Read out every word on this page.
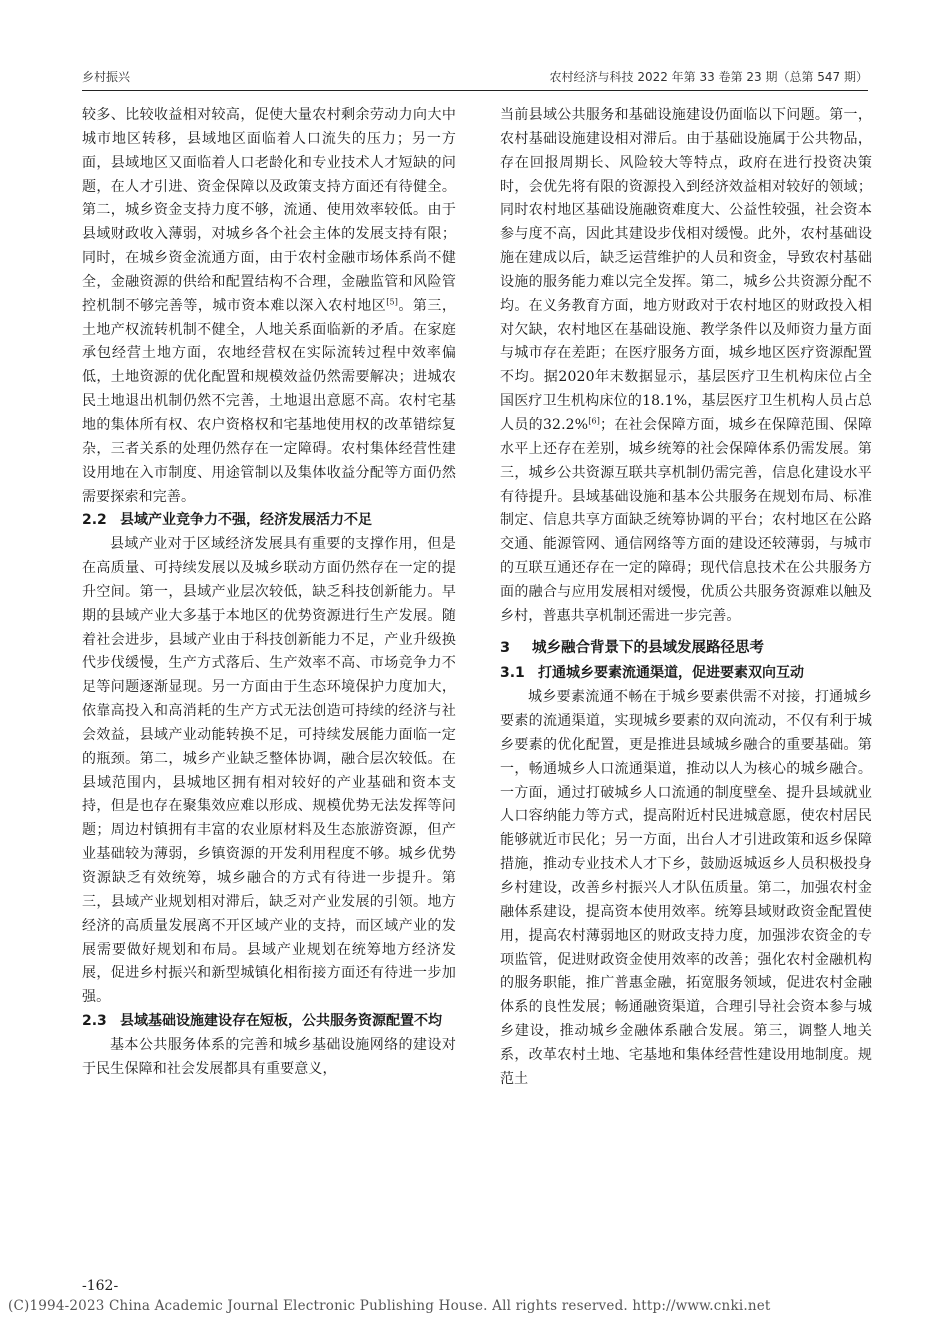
乡村振兴	农村经济与科技 2022 年第 33 卷第 23 期（总第 547 期）

较多、比较收益相对较高，促使大量农村剩余劳动力向大中城市地区转移，县域地区面临着人口流失的压力；另一方面，县域地区又面临着人口老龄化和专业技术人才短缺的问题，在人才引进、资金保障以及政策支持方面还有待健全。第二，城乡资金支持力度不够，流通、使用效率较低。由于县域财政收入薄弱，对城乡各个社会主体的发展支持有限；同时，在城乡资金流通方面，由于农村金融市场体系尚不健全，金融资源的供给和配置结构不合理，金融监管和风险管控机制不够完善等，城市资本难以深入农村地区[5]。第三，土地产权流转机制不健全，人地关系面临新的矛盾。在家庭承包经营土地方面，农地经营权在实际流转过程中效率偏低，土地资源的优化配置和规模效益仍然需要解决；进城农民土地退出机制仍然不完善，土地退出意愿不高。农村宅基地的集体所有权、农户资格权和宅基地使用权的改革错综复杂，三者关系的处理仍然存在一定障碍。农村集体经营性建设用地在入市制度、用途管制以及集体收益分配等方面仍然需要探索和完善。

2.2 县域产业竞争力不强，经济发展活力不足

县域产业对于区域经济发展具有重要的支撑作用，但是在高质量、可持续发展以及城乡联动方面仍然存在一定的提升空间。第一，县域产业层次较低，缺乏科技创新能力。早期的县域产业大多基于本地区的优势资源进行生产发展。随着社会进步，县域产业由于科技创新能力不足，产业升级换代步伐缓慢，生产方式落后、生产效率不高、市场竞争力不足等问题逐渐显现。另一方面由于生态环境保护力度加大，依靠高投入和高消耗的生产方式无法创造可持续的经济与社会效益，县域产业动能转换不足，可持续发展能力面临一定的瓶颈。第二，城乡产业缺乏整体协调，融合层次较低。在县域范围内，县城地区拥有相对较好的产业基础和资本支持，但是也存在聚集效应难以形成、规模优势无法发挥等问题；周边村镇拥有丰富的农业原材料及生态旅游资源，但产业基础较为薄弱，乡镇资源的开发利用程度不够。城乡优势资源缺乏有效统筹，城乡融合的方式有待进一步提升。第三，县域产业规划相对滞后，缺乏对产业发展的引领。地方经济的高质量发展离不开区域产业的支持，而区域产业的发展需要做好规划和布局。县域产业规划在统筹地方经济发展，促进乡村振兴和新型城镇化相衔接方面还有待进一步加强。

2.3 县域基础设施建设存在短板，公共服务资源配置不均

基本公共服务体系的完善和城乡基础设施网络的建设对于民生保障和社会发展都具有重要意义，

当前县域公共服务和基础设施建设仍面临以下问题。第一，农村基础设施建设相对滞后。由于基础设施属于公共物品，存在回报周期长、风险较大等特点，政府在进行投资决策时，会优先将有限的资源投入到经济效益相对较好的领域；同时农村地区基础设施融资难度大、公益性较强，社会资本参与度不高，因此其建设步伐相对缓慢。此外，农村基础设施在建成以后，缺乏运营维护的人员和资金，导致农村基础设施的服务能力难以完全发挥。第二，城乡公共资源分配不均。在义务教育方面，地方财政对于农村地区的财政投入相对欠缺，农村地区在基础设施、教学条件以及师资力量方面与城市存在差距；在医疗服务方面，城乡地区医疗资源配置不均。据2020年末数据显示，基层医疗卫生机构床位占全国医疗卫生机构床位的18.1%，基层医疗卫生机构人员占总人员的32.2%[6]；在社会保障方面，城乡在保障范围、保障水平上还存在差别，城乡统筹的社会保障体系仍需发展。第三，城乡公共资源互联共享机制仍需完善，信息化建设水平有待提升。县域基础设施和基本公共服务在规划布局、标准制定、信息共享方面缺乏统筹协调的平台；农村地区在公路交通、能源管网、通信网络等方面的建设还较薄弱，与城市的互联互通还存在一定的障碍；现代信息技术在公共服务方面的融合与应用发展相对缓慢，优质公共服务资源难以触及乡村，普惠共享机制还需进一步完善。

3 城乡融合背景下的县域发展路径思考
3.1 打通城乡要素流通渠道，促进要素双向互动

城乡要素流通不畅在于城乡要素供需不对接，打通城乡要素的流通渠道，实现城乡要素的双向流动，不仅有利于城乡要素的优化配置，更是推进县域城乡融合的重要基础。第一，畅通城乡人口流通渠道，推动以人为核心的城乡融合。一方面，通过打破城乡人口流通的制度壁垒、提升县域就业人口容纳能力等方式，提高附近村民进城意愿，使农村居民能够就近市民化；另一方面，出台人才引进政策和返乡保障措施，推动专业技术人才下乡，鼓励返城返乡人员积极投身乡村建设，改善乡村振兴人才队伍质量。第二，加强农村金融体系建设，提高资本使用效率。统筹县域财政资金配置使用，提高农村薄弱地区的财政支持力度，加强涉农资金的专项监管，促进财政资金使用效率的改善；强化农村金融机构的服务职能，推广普惠金融，拓宽服务领域，促进农村金融体系的良性发展；畅通融资渠道，合理引导社会资本参与城乡建设，推动城乡金融体系融合发展。第三，调整人地关系，改革农村土地、宅基地和集体经营性建设用地制度。规范土

-162-
(C)1994-2023 China Academic Journal Electronic Publishing House. All rights reserved. http://www.cnki.net
